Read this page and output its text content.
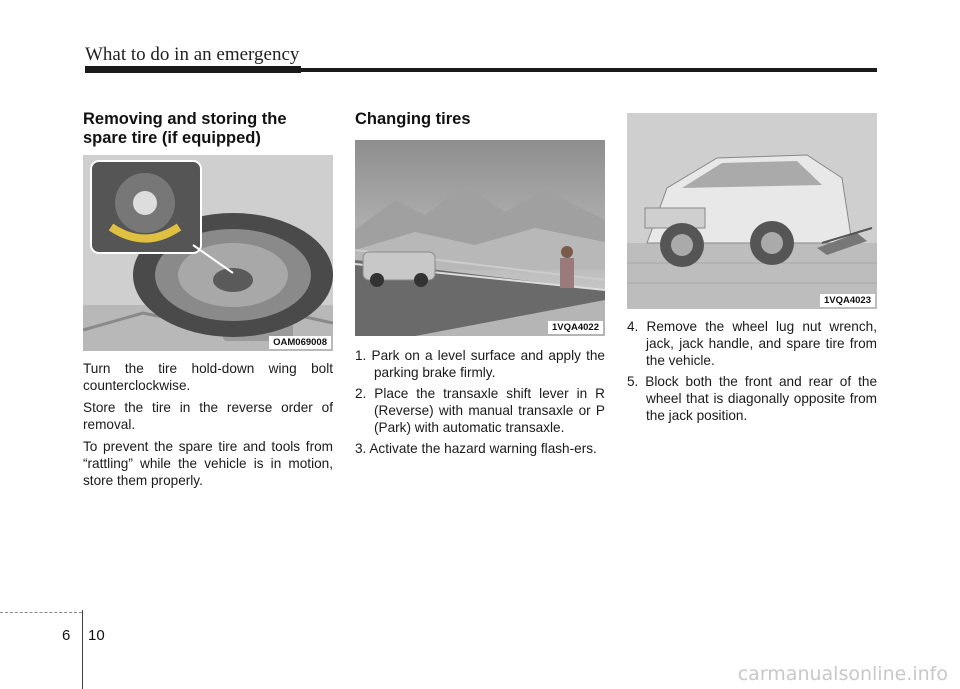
What to do in an emergency
Removing and storing the spare tire (if equipped)
OAM069008

Turn the tire hold-down wing bolt counterclockwise.

Store the tire in the reverse order of removal.

To prevent the spare tire and tools from “rattling” while the vehicle is in motion, store them properly.

Changing tires
1VQA4022
1. Park on a level surface and apply the parking brake firmly.
2. Place the transaxle shift lever in R (Reverse) with manual transaxle or P (Park) with automatic transaxle.
3. Activate the hazard warning flash-ers.
1VQA4023
4. Remove the wheel lug nut wrench, jack, jack handle, and spare tire from the vehicle.
5. Block both the front and rear of the wheel that is diagonally opposite from the jack position.
6 10
carmanualsonline.info
